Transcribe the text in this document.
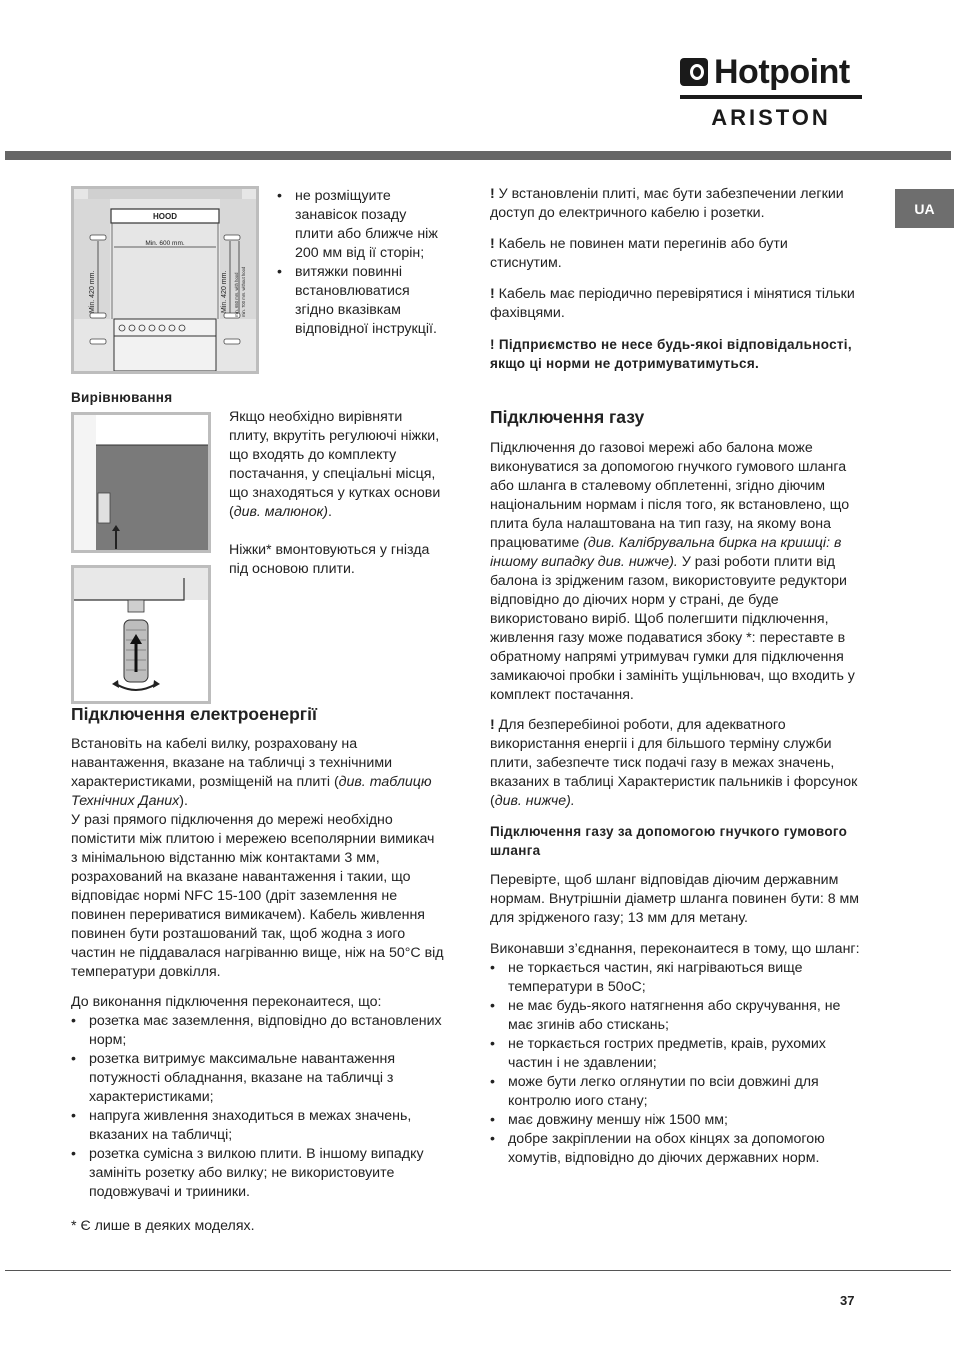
Hotpoint
ARISTON
UA
HOOD
Min. 600 mm.
Min. 420 mm.	Min. 420 mm. min. 650 mm. with hood min. 700 mm. without hood
• не розміщуите занавісок позаду плити або ближче ніж 200 мм від ії сторін;
• витяжки повинні встановлюватися згідно вказівкам відповідної інструкції.
Вирівнювання

Якщо необхідно вирівняти плиту, вкрутіть регулюючі ніжки, що входять до комплекту постачання, у спеціальні місця, що знаходяться у кутках основи (див. малюнок).

Ніжки* вмонтовуються у гнізда під основою плити.

Підключення електроенергії

Встановіть на кабелі вилку, розраховану на навантаження, вказане на табличці з технічними характеристиками, розміщеній на плиті (див. таблицю Технічних Даних).

У разі прямого підключення до мережі необхідно помістити між плитою і мережею всеполярнии вимикач з мінімальною відстанню між контактами 3 мм, розрахований на вказане навантаження і такии, що відповідає нормі NFC 15-100 (дріт заземлення не повинен перериватися вимикачем). Кабель живлення повинен бути розташований так, щоб жодна з иого частин не піддавалася нагріванню вище, ніж на 50°С від температури довкілля.

До виконання підключення переконаитеся, що:

• розетка має заземлення, відповідно до встановлених норм;
• розетка витримує максимальне навантаження потужності обладнання, вказане на табличці з характеристиками;
• напруга живлення знаходиться в межах значень, вказаних на табличці;
• розетка сумісна з вилкою плити. В іншому випадку замініть розетку або вилку; не використовуите подовжувачі и трииники.

* Є лише в деяких моделях.

! У встановленіи плиті, має бути забезпечении легкии доступ до електричного кабелю і розетки.

! Кабель не повинен мати перегинів або бути стиснутим.

! Кабель має періодично перевірятися і мінятися тільки фахівцями.

! Підприємство не несе будь-якоі відповідальності, якщо ці норми не дотримуватимуться.

Підключення газу

Підключення до газовоі мережі або балона може виконуватися за допомогою гнучкого гумового шланга або шланга в сталевому обплетенні, згідно діючим національним нормам і після того, як встановлено, що плита була налаштована на тип газу, на якому вона працюватиме (див. Калібрувальна бирка на кришці: в іншому випадку див. нижче). У разі роботи плити від балона із зрідженим газом, використовуите редуктори відповідно до діючих норм у страні, де буде використовано виріб. Щоб полегшити підключення, живлення газу може подаватися збоку *: переставте в обратному напрямі утримувач гумки для підключення замикаючоі пробки і замініть ущільнювач, що входить у комплект постачання.

! Для безперебіиноі роботи, для адекватного використання енергіі і для більшого терміну служби плити, забезпечте тиск подачі газу в межах значень, вказаних в таблиці Характеристик пальників і форсунок (див. нижче).

Підключення газу за допомогою гнучкого гумового шланга

Перевірте, щоб шланг відповідав діючим державним нормам. Внутрішніи діаметр шланга повинен бути: 8 мм для зрідженого газу; 13 мм для метану.

Виконавши з’єднання, переконаитеся в тому, що шланг:

• не торкається частин, які нагріваються вище температури в 50оС;
• не має будь-якого натягнення або скручування, не має згинів або стискань;
• не торкається гострих предметів, краів, рухомих частин і не здавлении;
• може бути легко оглянутии по всіи довжині для контролю иого стану;
• має довжину меншу ніж 1500 мм;
• добре закріплении на обох кінцях за допомогою хомутів, відповідно до діючих державних норм.
37
